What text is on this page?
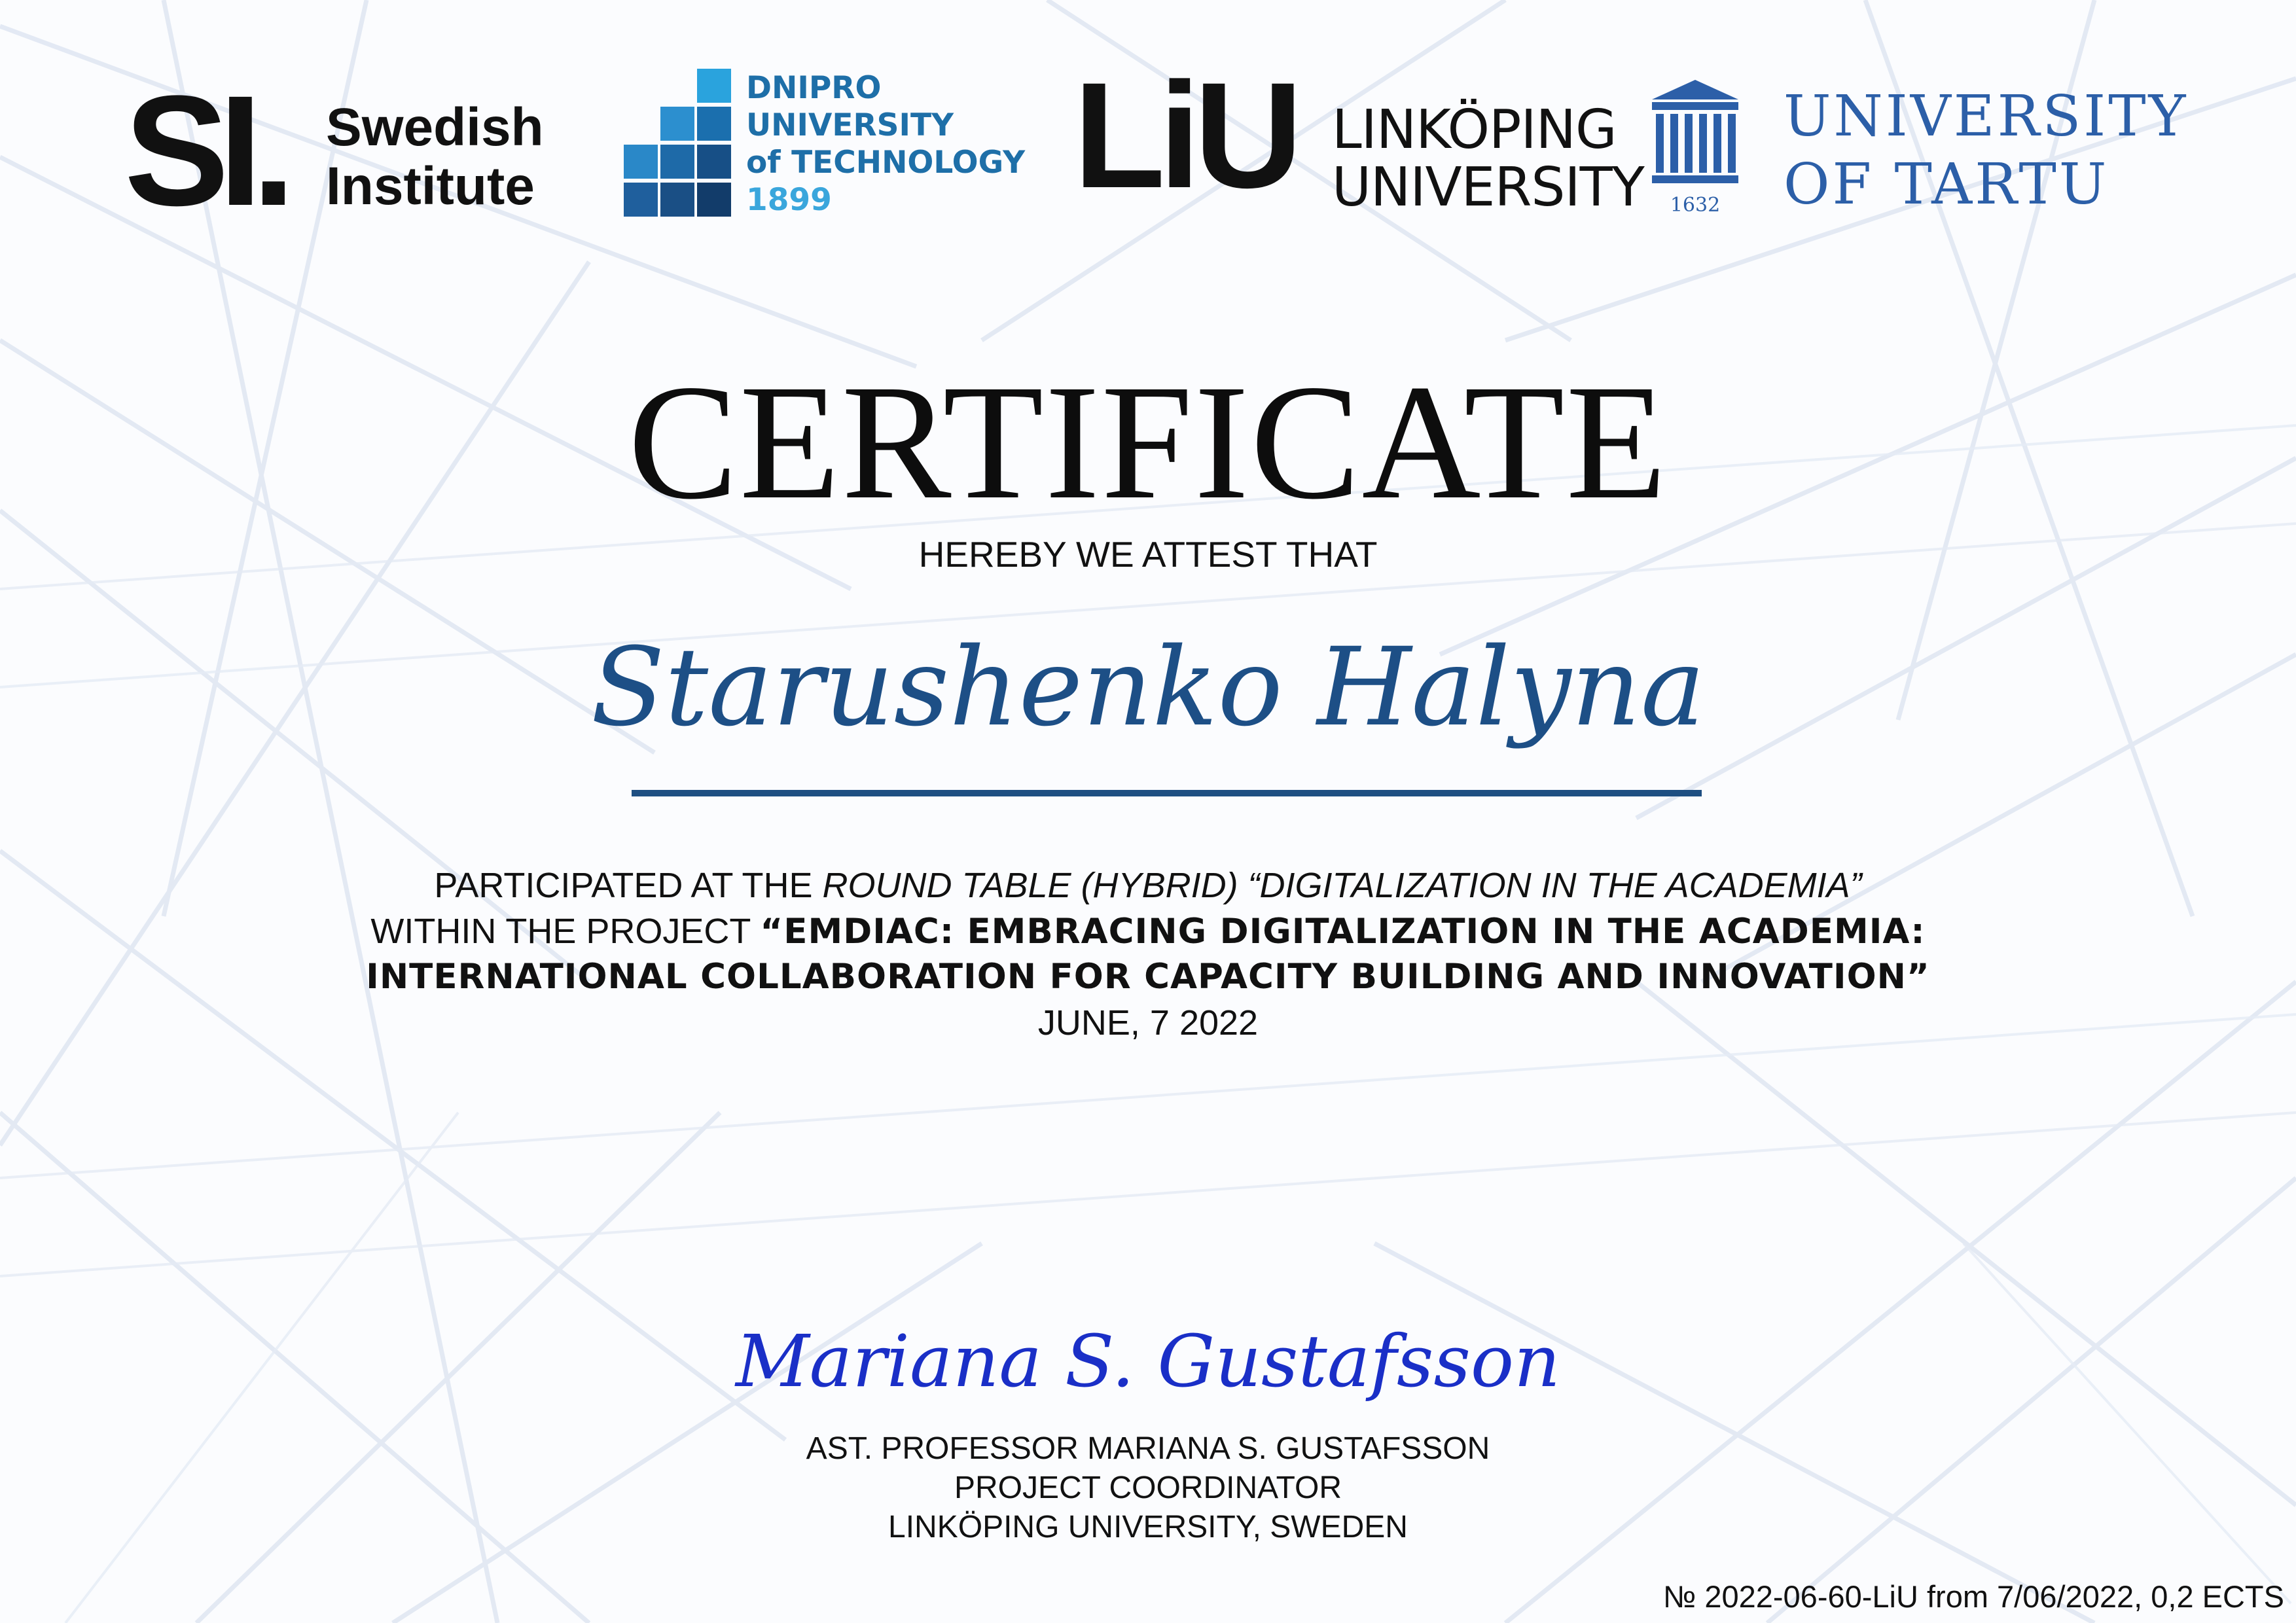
SI. Swedish
Institute
DNIPRO
UNIVERSITY
of TECHNOLOGY
1899	LiU LINKÖPING
UNIVERSITY 1632
UNIVERSITY
OF TARTU
CERTIFICATE
HEREBY WE ATTEST THAT
Starushenko Halyna
PARTICIPATED AT THE ROUND TABLE (HYBRID) “DIGITALIZATION IN THE ACADEMIA”
WITHIN THE PROJECT “EMDIAC: EMBRACING DIGITALIZATION IN THE ACADEMIA:
INTERNATIONAL COLLABORATION FOR CAPACITY BUILDING AND INNOVATION”
JUNE, 7 2022
Mariana S. Gustafsson
AST. PROFESSOR MARIANA S. GUSTAFSSON
PROJECT COORDINATOR
LINKÖPING UNIVERSITY, SWEDEN
№ 2022-06-60-LiU from 7/06/2022, 0,2 ECTS
